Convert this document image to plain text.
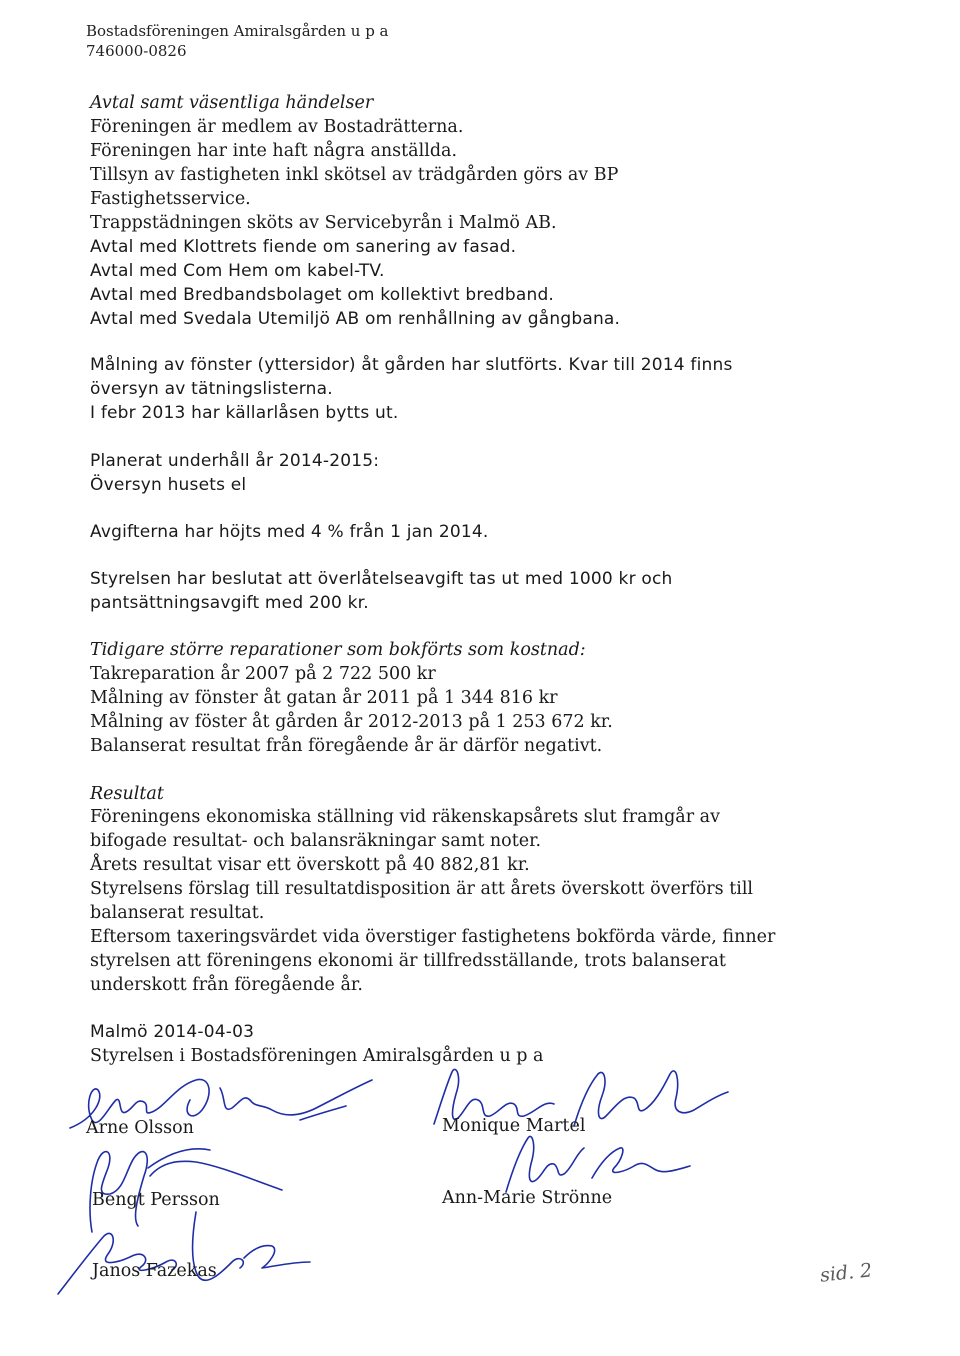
Bostadsföreningen Amiralsgården u p a
746000-0826
Avtal samt väsentliga händelser
Föreningen är medlem av Bostadrätterna.
Föreningen har inte haft några anställda.
Tillsyn av fastigheten inkl skötsel av trädgården görs av BP
Fastighetsservice.
Trappstädningen sköts av Servicebyrån i Malmö AB.
Avtal med Klottrets fiende om sanering av fasad.
Avtal med Com Hem om kabel-TV.
Avtal med Bredbandsbolaget om kollektivt bredband.
Avtal med Svedala Utemiljö AB om renhållning av gångbana.
Målning av fönster (yttersidor) åt gården har slutförts. Kvar till 2014 finns
översyn av tätningslisterna.
I febr 2013 har källarlåsen bytts ut.
Planerat underhåll år 2014-2015:
Översyn husets el
Avgifterna har höjts med 4 % från 1 jan 2014.
Styrelsen har beslutat att överlåtelseavgift tas ut med 1000 kr och
pantsättningsavgift med 200 kr.
Tidigare större reparationer som bokförts som kostnad:
Takreparation år 2007 på 2 722 500 kr
Målning av fönster åt gatan år 2011 på 1 344 816 kr
Målning av föster åt gården år 2012-2013 på 1 253 672 kr.
Balanserat resultat från föregående år är därför negativt.
Resultat
Föreningens ekonomiska ställning vid räkenskapsårets slut framgår av
bifogade resultat- och balansräkningar samt noter.
Årets resultat visar ett överskott på 40 882,81 kr.
Styrelsens förslag till resultatdisposition är att årets överskott överförs till
balanserat resultat.
Eftersom taxeringsvärdet vida överstiger fastighetens bokförda värde, finner
styrelsen att föreningens ekonomi är tillfredsställande, trots balanserat
underskott från föregående år.
Malmö 2014-04-03
Styrelsen i Bostadsföreningen Amiralsgården u p a
Arne Olsson	Monique Martel
Bengt Persson	Ann-Marie Strönne
Janos Fazekas	sid. 2
